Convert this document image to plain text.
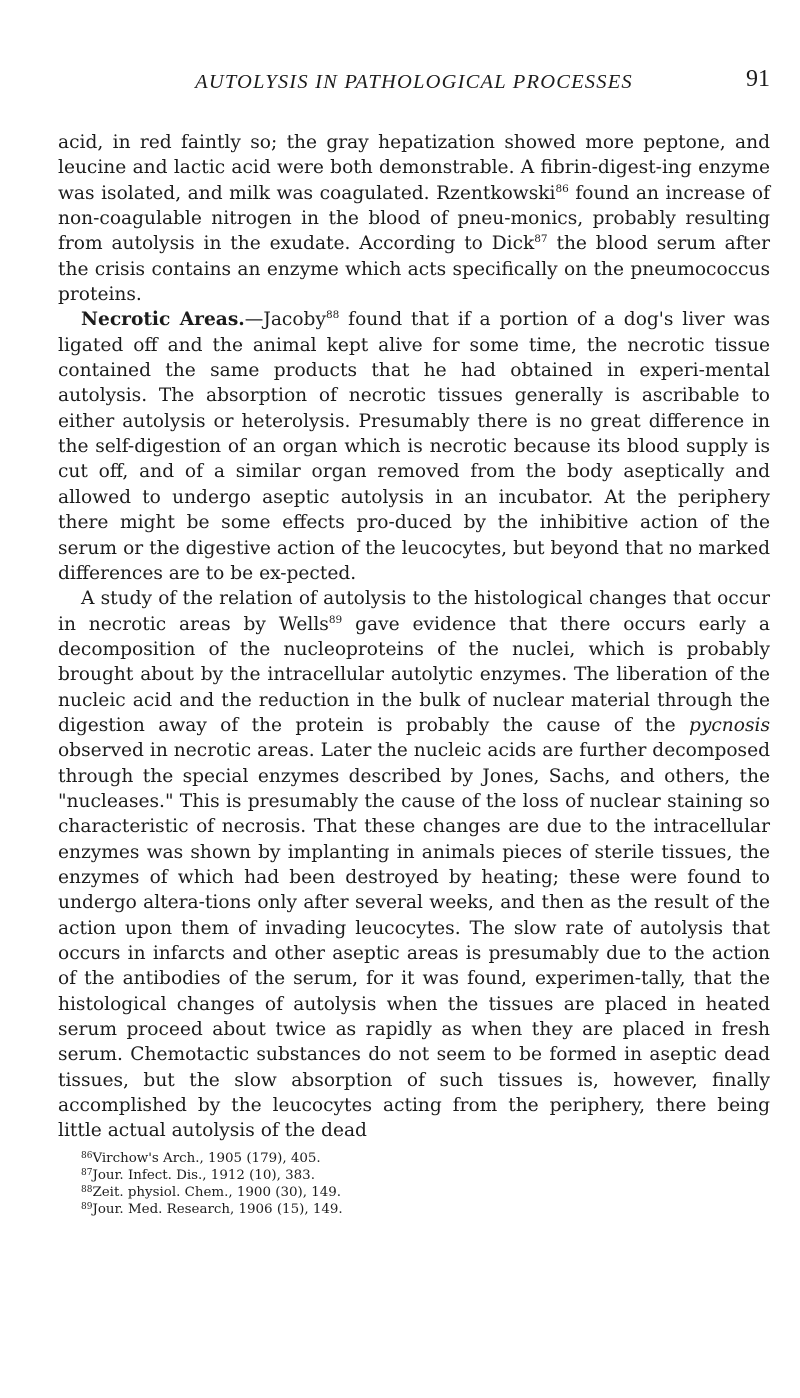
AUTOLYSIS IN PATHOLOGICAL PROCESSES	91

acid, in red faintly so; the gray hepatization showed more peptone, and leucine and lactic acid were both demonstrable. A fibrin-digest-ing enzyme was isolated, and milk was coagulated. Rzentkowski$^{86}$ found an increase of non-coagulable nitrogen in the blood of pneu-monics, probably resulting from autolysis in the exudate. According to Dick$^{87}$ the blood serum after the crisis contains an enzyme which acts specifically on the pneumococcus proteins.

Necrotic Areas.—Jacoby$^{88}$ found that if a portion of a dog's liver was ligated off and the animal kept alive for some time, the necrotic tissue contained the same products that he had obtained in experi-mental autolysis. The absorption of necrotic tissues generally is ascribable to either autolysis or heterolysis. Presumably there is no great difference in the self-digestion of an organ which is necrotic because its blood supply is cut off, and of a similar organ removed from the body aseptically and allowed to undergo aseptic autolysis in an incubator. At the periphery there might be some effects pro-duced by the inhibitive action of the serum or the digestive action of the leucocytes, but beyond that no marked differences are to be ex-pected.

A study of the relation of autolysis to the histological changes that occur in necrotic areas by Wells$^{89}$ gave evidence that there occurs early a decomposition of the nucleoproteins of the nuclei, which is probably brought about by the intracellular autolytic enzymes. The liberation of the nucleic acid and the reduction in the bulk of nuclear material through the digestion away of the protein is probably the cause of the pycnosis observed in necrotic areas. Later the nucleic acids are further decomposed through the special enzymes described by Jones, Sachs, and others, the "nucleases." This is presumably the cause of the loss of nuclear staining so characteristic of necrosis. That these changes are due to the intracellular enzymes was shown by implanting in animals pieces of sterile tissues, the enzymes of which had been destroyed by heating; these were found to undergo altera-tions only after several weeks, and then as the result of the action upon them of invading leucocytes. The slow rate of autolysis that occurs in infarcts and other aseptic areas is presumably due to the action of the antibodies of the serum, for it was found, experimen-tally, that the histological changes of autolysis when the tissues are placed in heated serum proceed about twice as rapidly as when they are placed in fresh serum. Chemotactic substances do not seem to be formed in aseptic dead tissues, but the slow absorption of such tissues is, however, finally accomplished by the leucocytes acting from the periphery, there being little actual autolysis of the dead

$^{86}$Virchow's Arch., 1905 (179), 405.
$^{87}$Jour. Infect. Dis., 1912 (10), 383.
$^{88}$Zeit. physiol. Chem., 1900 (30), 149.
$^{89}$Jour. Med. Research, 1906 (15), 149.
